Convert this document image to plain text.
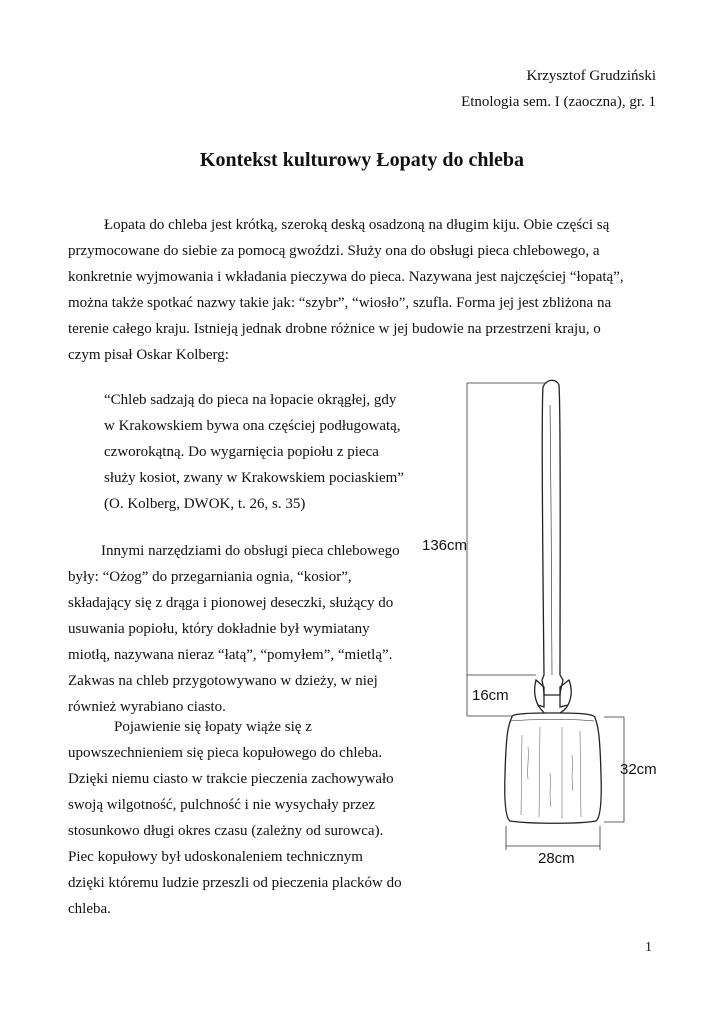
Krzysztof Grudziński
Etnologia sem. I (zaoczna), gr. 1
Kontekst kulturowy Łopaty do chleba
Łopata do chleba jest krótką, szeroką deską osadzoną na długim kiju. Obie części są
przymocowane do siebie za pomocą gwoździ. Służy ona do obsługi pieca chlebowego, a
konkretnie wyjmowania i wkładania pieczywa do pieca. Nazywana jest najczęściej “łopatą”,
można także spotkać nazwy takie jak: “szybr”, “wiosło”, szufla. Forma jej jest zbliżona na
terenie całego kraju. Istnieją jednak drobne różnice w jej budowie na przestrzeni kraju, o
czym pisał Oskar Kolberg:
“Chleb sadzają do pieca na łopacie okrągłej, gdy
w Krakowskiem bywa ona częściej podługowatą,
czworokątną. Do wygarnięcia popiołu z pieca
służy kosiot, zwany w Krakowskiem pociaskiem”
(O. Kolberg, DWOK, t. 26, s. 35)
Innymi narzędziami do obsługi pieca chlebowego
były: “Ożog” do przegarniania ognia, “kosior”,
składający się z drąga i pionowej deseczki, służący do
usuwania popiołu, który dokładnie był wymiatany
miotłą, nazywana nieraz “łatą”, “pomyłem”, “mietlą”.
Zakwas na chleb przygotowywano w dzieży, w niej
również wyrabiano ciasto.
Pojawienie się łopaty wiąże się z
upowszechnieniem się pieca kopułowego do chleba.
Dzięki niemu ciasto w trakcie pieczenia zachowywało
swoją wilgotność, pulchność i nie wysychały przez
stosunkowo długi okres czasu (zależny od surowca).
Piec kopułowy był udoskonaleniem technicznym
dzięki któremu ludzie przeszli od pieczenia placków do
chleba.
136cm
16cm
32cm
28cm
1
